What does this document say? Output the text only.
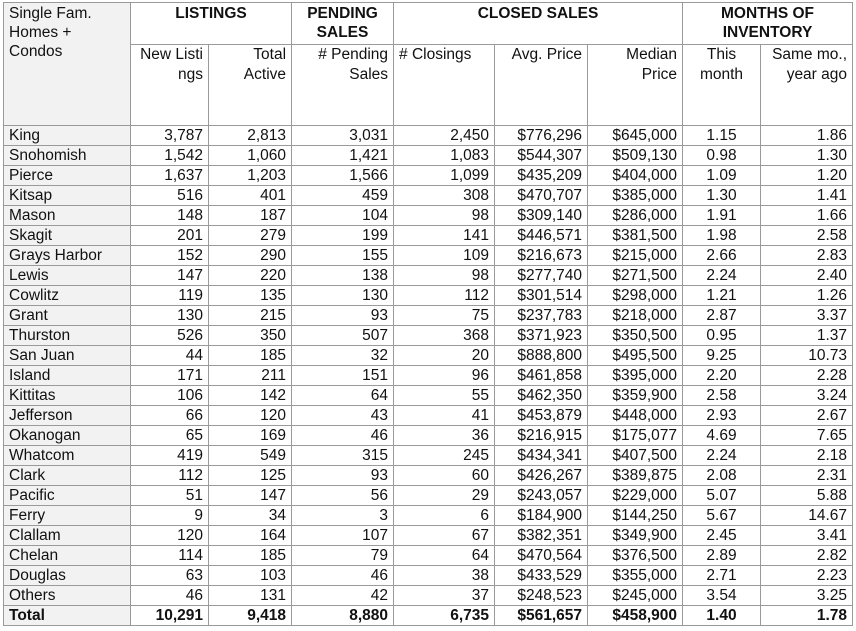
Single Fam. Homes + Condos	LISTINGS		PENDING SALES	CLOSED SALES			MONTHS OF INVENTORY	
	New Listings	Total Active	# Pending Sales	# Closings	Avg. Price	Median Price	This month	Same mo., year ago
King	3,787	2,813	3,031	2,450	$776,296	$645,000	1.15	1.86
Snohomish	1,542	1,060	1,421	1,083	$544,307	$509,130	0.98	1.30
Pierce	1,637	1,203	1,566	1,099	$435,209	$404,000	1.09	1.20
Kitsap	516	401	459	308	$470,707	$385,000	1.30	1.41
Mason	148	187	104	98	$309,140	$286,000	1.91	1.66
Skagit	201	279	199	141	$446,571	$381,500	1.98	2.58
Grays Harbor	152	290	155	109	$216,673	$215,000	2.66	2.83
Lewis	147	220	138	98	$277,740	$271,500	2.24	2.40
Cowlitz	119	135	130	112	$301,514	$298,000	1.21	1.26
Grant	130	215	93	75	$237,783	$218,000	2.87	3.37
Thurston	526	350	507	368	$371,923	$350,500	0.95	1.37
San Juan	44	185	32	20	$888,800	$495,500	9.25	10.73
Island	171	211	151	96	$461,858	$395,000	2.20	2.28
Kittitas	106	142	64	55	$462,350	$359,900	2.58	3.24
Jefferson	66	120	43	41	$453,879	$448,000	2.93	2.67
Okanogan	65	169	46	36	$216,915	$175,077	4.69	7.65
Whatcom	419	549	315	245	$434,341	$407,500	2.24	2.18
Clark	112	125	93	60	$426,267	$389,875	2.08	2.31
Pacific	51	147	56	29	$243,057	$229,000	5.07	5.88
Ferry	9	34	3	6	$184,900	$144,250	5.67	14.67
Clallam	120	164	107	67	$382,351	$349,900	2.45	3.41
Chelan	114	185	79	64	$470,564	$376,500	2.89	2.82
Douglas	63	103	46	38	$433,529	$355,000	2.71	2.23
Others	46	131	42	37	$248,523	$245,000	3.54	3.25
Total	10,291	9,418	8,880	6,735	$561,657	$458,900	1.40	1.78
